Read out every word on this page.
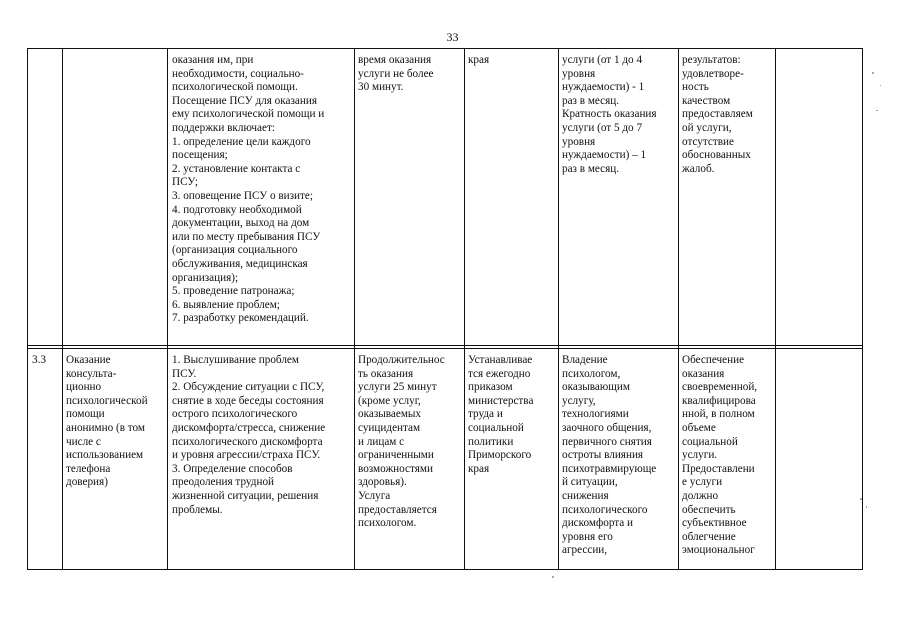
33
оказания им, при
необходимости, социально-
психологической помощи.
Посещение ПСУ для оказания
ему психологической помощи и
поддержки включает:
1. определение цели каждого
посещения;
2. установление контакта с
ПСУ;
3. оповещение ПСУ о визите;
4. подготовку необходимой
документации, выход на дом
или по месту пребывания ПСУ
(организация социального
обслуживания, медицинская
организация);
5. проведение патронажа;
6. выявление проблем;
7. разработку рекомендаций.
время оказания
услуги не более
30 минут.
края	услуги (от 1 до 4
уровня
нуждаемости) - 1
раз в месяц.
Кратность оказания
услуги (от 5 до 7
уровня
нуждаемости) – 1
раз в месяц.
результатов:
удовлетворе-
ность
качеством
предоставляем
ой услуги,
отсутствие
обоснованных
жалоб.
3.3	Оказание
консульта-
ционно
психологической
помощи
анонимно (в том
числе с
использованием
телефона
доверия)
1. Выслушивание проблем
ПСУ.
2. Обсуждение ситуации с ПСУ,
снятие в ходе беседы состояния
острого психологического
дискомфорта/стресса, снижение
психологического дискомфорта
и уровня агрессии/страха ПСУ.
3. Определение способов
преодоления трудной
жизненной ситуации, решения
проблемы.
Продолжительнос
ть оказания
услуги 25 минут
(кроме услуг,
оказываемых
суицидентам
и лицам с
ограниченными
возможностями
здоровья).
Услуга
предоставляется
психологом.
Устанавливае
тся ежегодно
приказом
министерства
труда и
социальной
политики
Приморского
края
Владение
психологом,
оказывающим
услугу,
технологиями
заочного общения,
первичного снятия
остроты влияния
психотравмирующе
й ситуации,
снижения
психологического
дискомфорта и
уровня его
агрессии,
Обеспечение
оказания
своевременной,
квалифицирова
нной, в полном
объеме
социальной
услуги.
Предоставлени
е услуги
должно
обеспечить
субъективное
облегчение
эмоциональног
